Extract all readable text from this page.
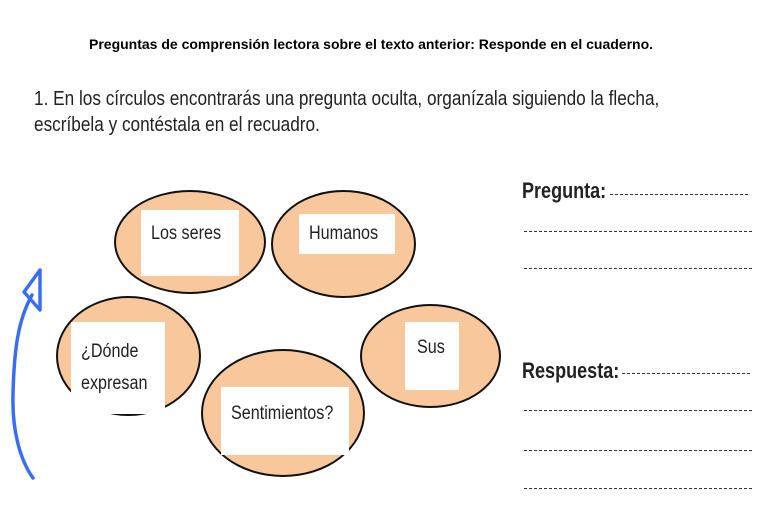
Preguntas de comprensión lectora sobre el texto anterior: Responde en el cuaderno.
1. En los círculos encontrarás una pregunta oculta, organízala siguiendo la flecha,
escríbela y contéstala en el recuadro.
Los seres	Humanos
¿Dónde
expresan
Sus
Sentimientos?
Pregunta:
Respuesta:
